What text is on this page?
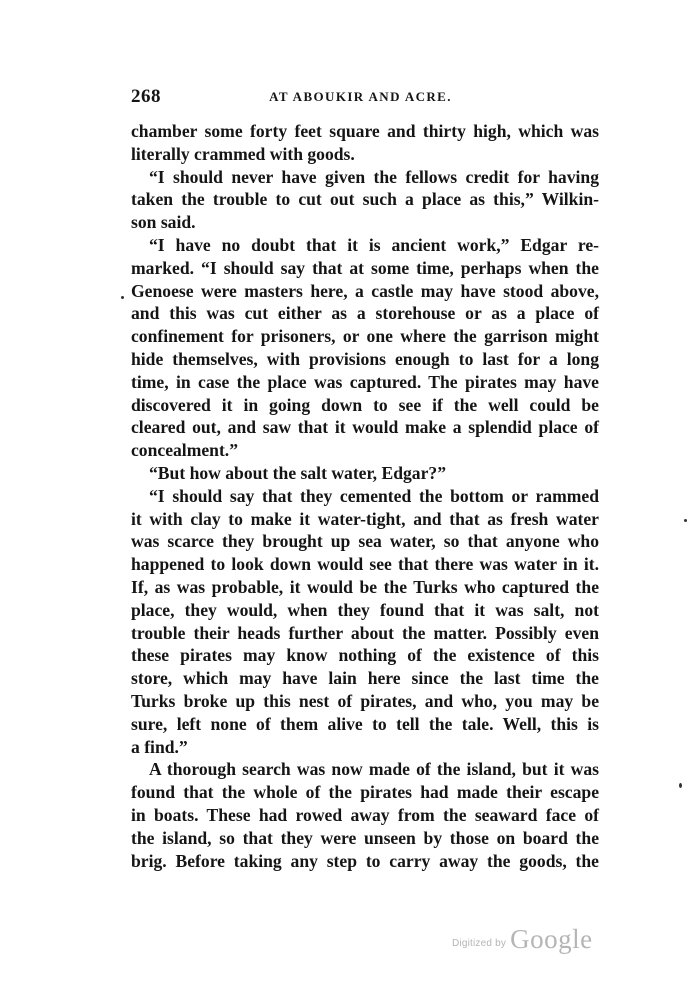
268	AT ABOUKIR AND ACRE.
chamber some forty feet square and thirty high, which was
literally crammed with goods.
“I should never have given the fellows credit for having
taken the trouble to cut out such a place as this,” Wilkin-
son said.
“I have no doubt that it is ancient work,” Edgar re-
marked. “I should say that at some time, perhaps when the
Genoese were masters here, a castle may have stood above,
and this was cut either as a storehouse or as a place of
confinement for prisoners, or one where the garrison might
hide themselves, with provisions enough to last for a long
time, in case the place was captured. The pirates may have
discovered it in going down to see if the well could be
cleared out, and saw that it would make a splendid place of
concealment.”
“But how about the salt water, Edgar?”
“I should say that they cemented the bottom or rammed
it with clay to make it water-tight, and that as fresh water
was scarce they brought up sea water, so that anyone who
happened to look down would see that there was water in it.
If, as was probable, it would be the Turks who captured the
place, they would, when they found that it was salt, not
trouble their heads further about the matter. Possibly even
these pirates may know nothing of the existence of this
store, which may have lain here since the last time the
Turks broke up this nest of pirates, and who, you may be
sure, left none of them alive to tell the tale. Well, this is
a find.”
A thorough search was now made of the island, but it was
found that the whole of the pirates had made their escape
in boats. These had rowed away from the seaward face of
the island, so that they were unseen by those on board the
brig. Before taking any step to carry away the goods, the
Digitized by Google
